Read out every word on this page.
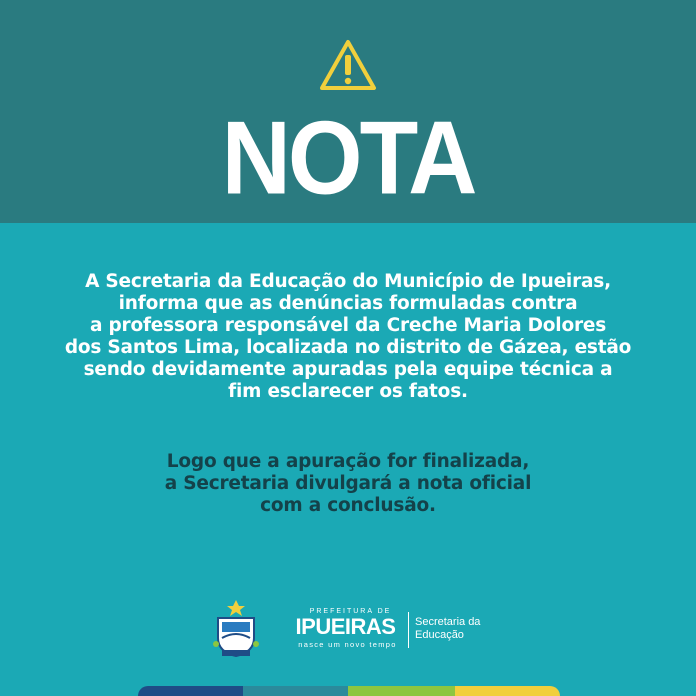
NOTA
A Secretaria da Educação do Município de Ipueiras,
informa que as denúncias formuladas contra
a professora responsável da Creche Maria Dolores
dos Santos Lima, localizada no distrito de Gázea, estão
sendo devidamente apuradas pela equipe técnica a
fim esclarecer os fatos.
Logo que a apuração for finalizada,
a Secretaria divulgará a nota oficial
com a conclusão.
PREFEITURA DE
IPUEIRAS
nasce um novo tempo
Secretaria da
Educação
